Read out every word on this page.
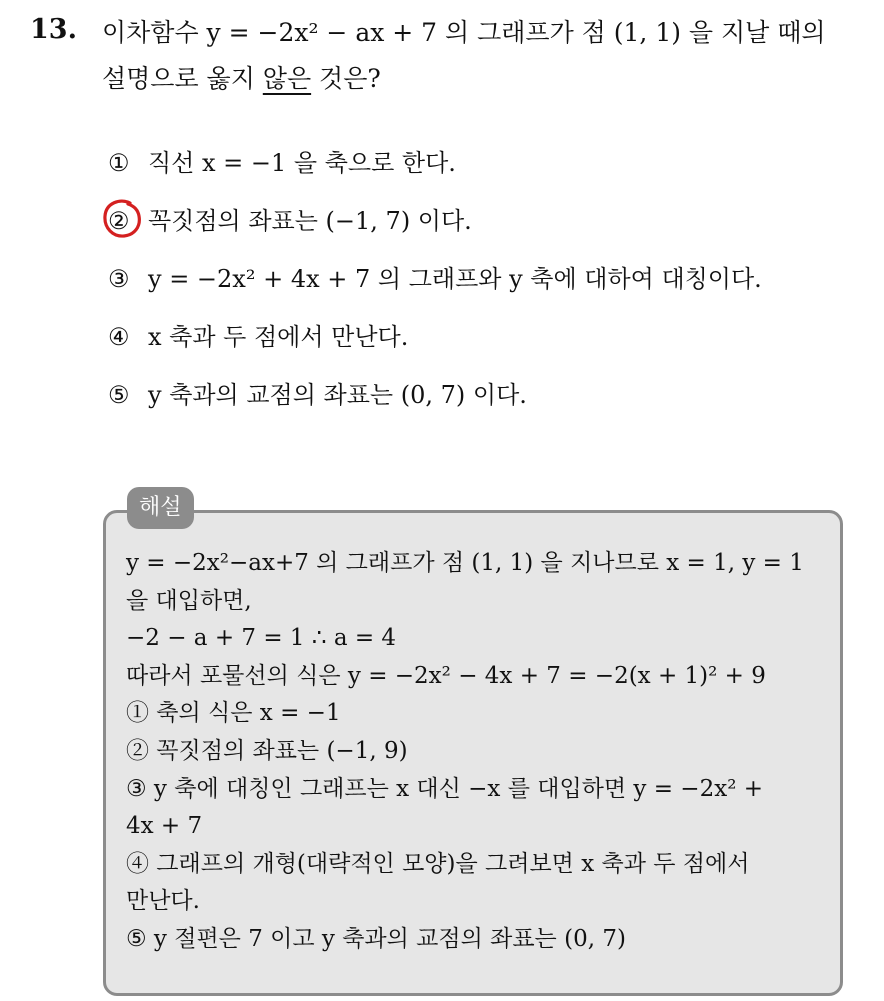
13. 이차함수 y = −2x² − ax + 7 의 그래프가 점 (1, 1) 을 지날 때의
설명으로 옳지 않은 것은?
① 직선 x = −1 을 축으로 한다.
② 꼭짓점의 좌표는 (−1, 7) 이다.
③ y = −2x² + 4x + 7 의 그래프와 y 축에 대하여 대칭이다.
④ x 축과 두 점에서 만난다.
⑤ y 축과의 교점의 좌표는 (0, 7) 이다.
해설
y = −2x²−ax+7 의 그래프가 점 (1, 1) 을 지나므로 x = 1, y = 1
을 대입하면,
−2 − a + 7 = 1 ∴ a = 4
따라서 포물선의 식은 y = −2x² − 4x + 7 = −2(x + 1)² + 9
① 축의 식은 x = −1
② 꼭짓점의 좌표는 (−1, 9)
③ y 축에 대칭인 그래프는 x 대신 −x 를 대입하면 y = −2x² +
4x + 7
④ 그래프의 개형(대략적인 모양)을 그려보면 x 축과 두 점에서
만난다.
⑤ y 절편은 7 이고 y 축과의 교점의 좌표는 (0, 7)
